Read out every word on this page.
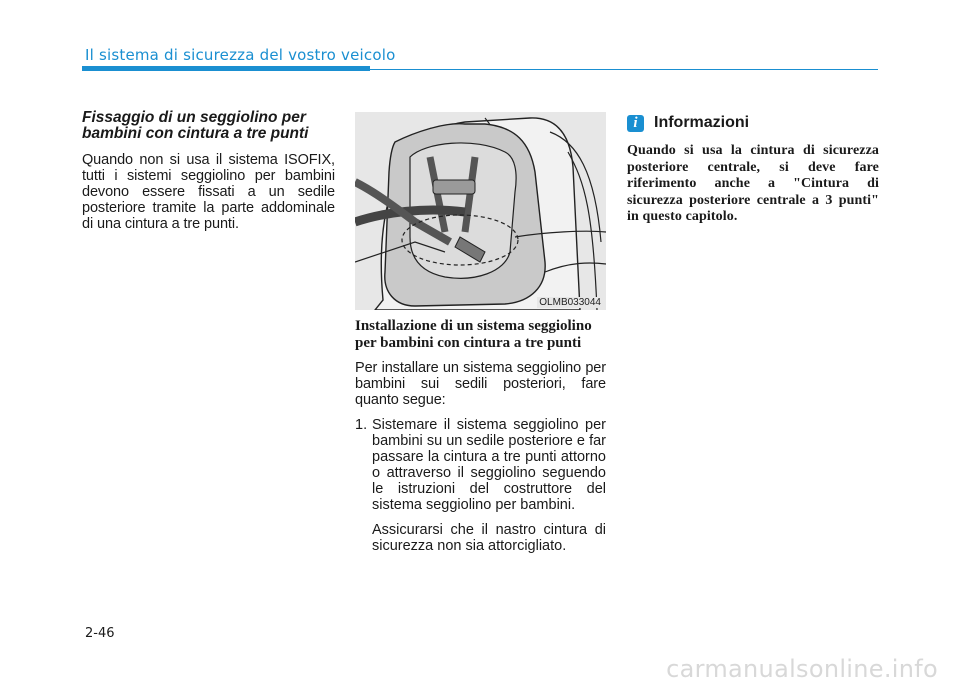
Il sistema di sicurezza del vostro veicolo
Fissaggio di un seggiolino per bambini con cintura a tre punti

Quando non si usa il sistema ISOFIX, tutti i sistemi seggiolino per bambini devono essere fissati a un sedile posteriore tramite la parte addominale di una cintura a tre punti.

OLMB033044
Installazione di un sistema seggiolino per bambini con cintura a tre punti

Per installare un sistema seggiolino per bambini sui sedili posteriori, fare quanto segue:

1. Sistemare il sistema seggiolino per bambini su un sedile posteriore e far passare la cintura a tre punti attorno o attraverso il seggiolino seguendo le istruzioni del costruttore del sistema seggiolino per bambini.

Assicurarsi che il nastro cintura di sicurezza non sia attorcigliato.

i	Informazioni

Quando si usa la cintura di sicurezza posteriore centrale, si deve fare riferimento anche a "Cintura di sicurezza posteriore centrale a 3 punti" in questo capitolo.

2-46
carmanualsonline.info
